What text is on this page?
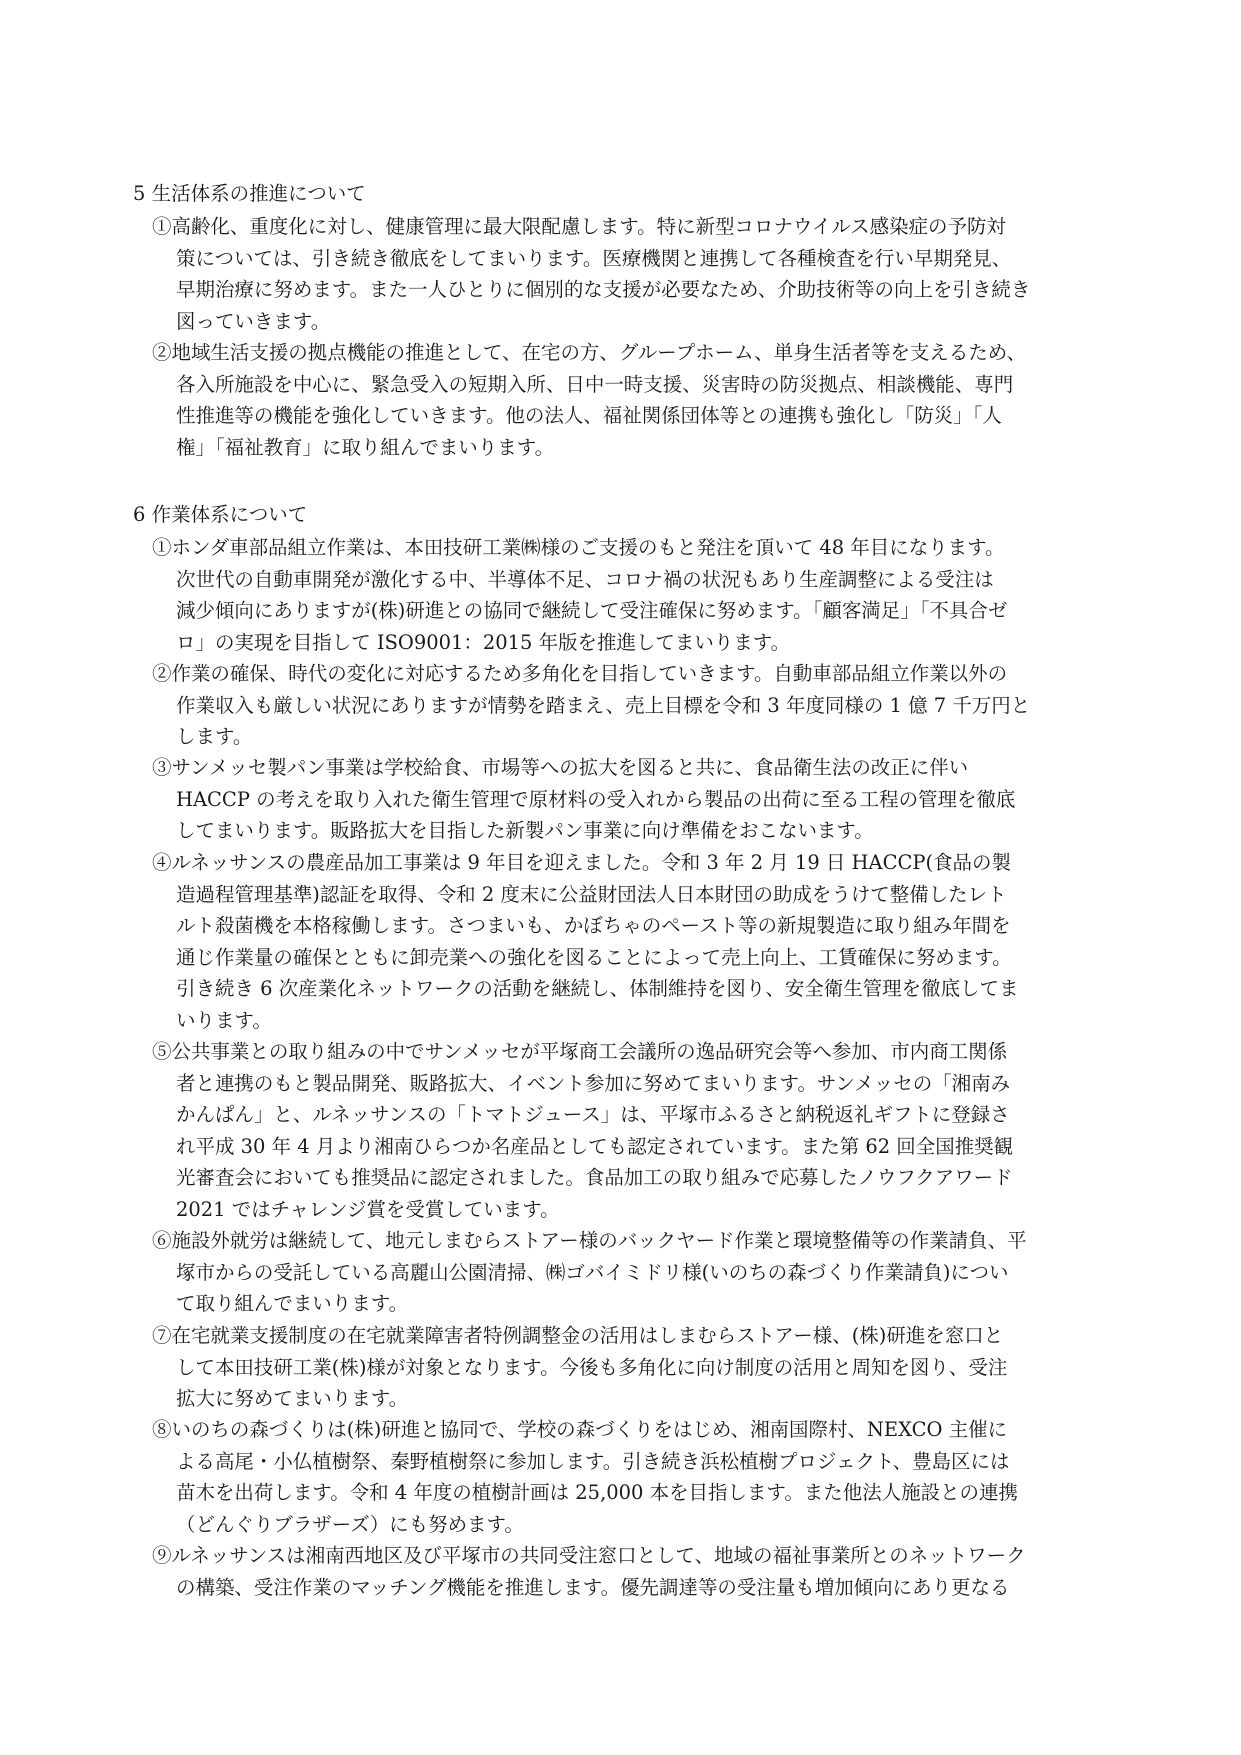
5 生活体系の推進について
①高齢化、重度化に対し、健康管理に最大限配慮します。特に新型コロナウイルス感染症の予防対
策については、引き続き徹底をしてまいります。医療機関と連携して各種検査を行い早期発見、
早期治療に努めます。また一人ひとりに個別的な支援が必要なため、介助技術等の向上を引き続き
図っていきます。
②地域生活支援の拠点機能の推進として、在宅の方、グループホーム、単身生活者等を支えるため、
各入所施設を中心に、緊急受入の短期入所、日中一時支援、災害時の防災拠点、相談機能、専門
性推進等の機能を強化していきます。他の法人、福祉関係団体等との連携も強化し「防災」「人
権」「福祉教育」に取り組んでまいります。
6 作業体系について
①ホンダ車部品組立作業は、本田技研工業㈱様のご支援のもと発注を頂いて 48 年目になります。
次世代の自動車開発が激化する中、半導体不足、コロナ禍の状況もあり生産調整による受注は
減少傾向にありますが(株)研進との協同で継続して受注確保に努めます。「顧客満足」「不具合ゼ
ロ」の実現を目指して ISO9001：2015 年版を推進してまいります。
②作業の確保、時代の変化に対応するため多角化を目指していきます。自動車部品組立作業以外の
作業収入も厳しい状況にありますが情勢を踏まえ、売上目標を令和 3 年度同様の 1 億 7 千万円と
します。
③サンメッセ製パン事業は学校給食、市場等への拡大を図ると共に、食品衛生法の改正に伴い
HACCP の考えを取り入れた衛生管理で原材料の受入れから製品の出荷に至る工程の管理を徹底
してまいります。販路拡大を目指した新製パン事業に向け準備をおこないます。
④ルネッサンスの農産品加工事業は 9 年目を迎えました。令和 3 年 2 月 19 日 HACCP(食品の製
造過程管理基準)認証を取得、令和 2 度末に公益財団法人日本財団の助成をうけて整備したレト
ルト殺菌機を本格稼働します。さつまいも、かぼちゃのペースト等の新規製造に取り組み年間を
通じ作業量の確保とともに卸売業への強化を図ることによって売上向上、工賃確保に努めます。
引き続き 6 次産業化ネットワークの活動を継続し、体制維持を図り、安全衛生管理を徹底してま
いります。
⑤公共事業との取り組みの中でサンメッセが平塚商工会議所の逸品研究会等へ参加、市内商工関係
者と連携のもと製品開発、販路拡大、イベント参加に努めてまいります。サンメッセの「湘南み
かんぱん」と、ルネッサンスの「トマトジュース」は、平塚市ふるさと納税返礼ギフトに登録さ
れ平成 30 年 4 月より湘南ひらつか名産品としても認定されています。また第 62 回全国推奨観
光審査会においても推奨品に認定されました。食品加工の取り組みで応募したノウフクアワード
2021 ではチャレンジ賞を受賞しています。
⑥施設外就労は継続して、地元しまむらストアー様のバックヤード作業と環境整備等の作業請負、平
塚市からの受託している高麗山公園清掃、㈱ゴバイミドリ様(いのちの森づくり作業請負)につい
て取り組んでまいります。
⑦在宅就業支援制度の在宅就業障害者特例調整金の活用はしまむらストアー様、(株)研進を窓口と
して本田技研工業(株)様が対象となります。今後も多角化に向け制度の活用と周知を図り、受注
拡大に努めてまいります。
⑧いのちの森づくりは(株)研進と協同で、学校の森づくりをはじめ、湘南国際村、NEXCO 主催に
よる高尾・小仏植樹祭、秦野植樹祭に参加します。引き続き浜松植樹プロジェクト、豊島区には
苗木を出荷します。令和 4 年度の植樹計画は 25,000 本を目指します。また他法人施設との連携
（どんぐりブラザーズ）にも努めます。
⑨ルネッサンスは湘南西地区及び平塚市の共同受注窓口として、地域の福祉事業所とのネットワーク
の構築、受注作業のマッチング機能を推進します。優先調達等の受注量も増加傾向にあり更なる
